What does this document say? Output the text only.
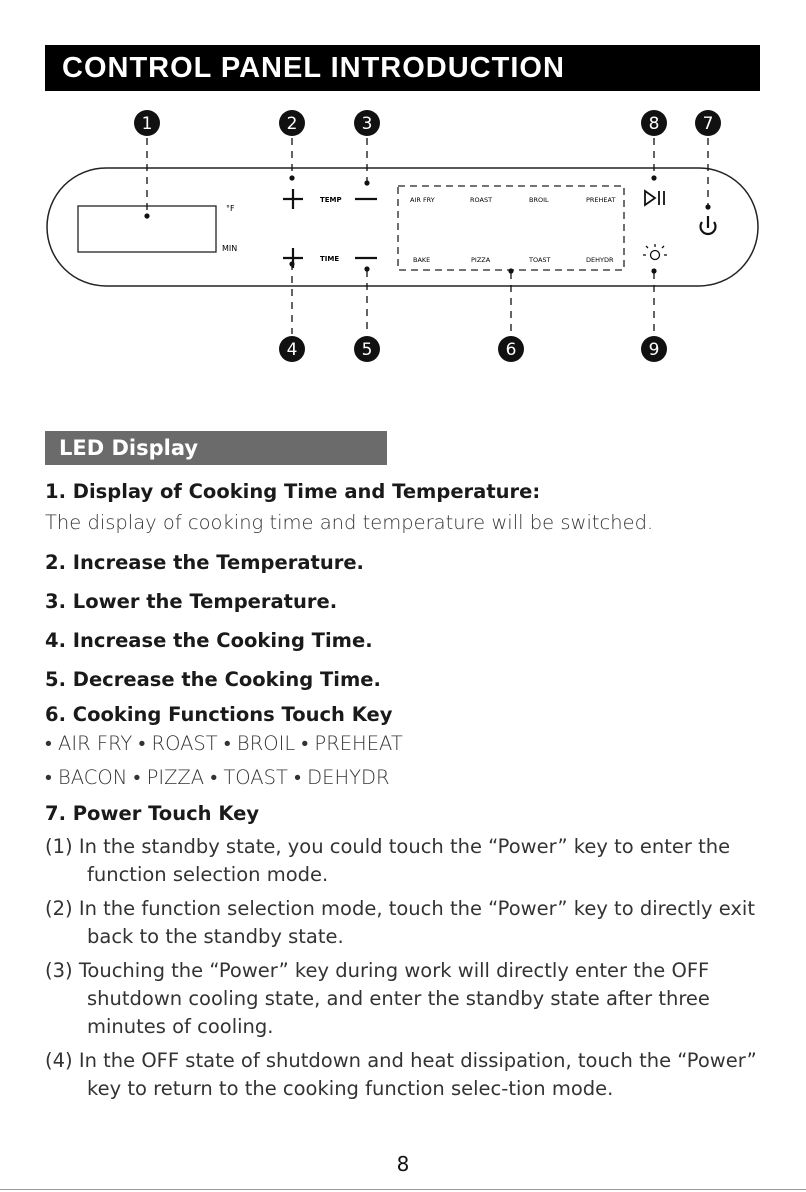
CONTROL PANEL INTRODUCTION
°F
MIN
TEMP
TIME
AIR FRY	ROAST	BROIL	PREHEAT
BAKE	PIZZA	TOAST	DEHYDR
1	2	3	8	7
4	5	6	9
LED Display

1. Display of Cooking Time and Temperature:

The display of cooking time and temperature will be switched.

2. Increase the Temperature.

3. Lower the Temperature.

4. Increase the Cooking Time.

5. Decrease the Cooking Time.

6. Cooking Functions Touch Key

• AIR FRY • ROAST • BROIL • PREHEAT

• BACON • PIZZA • TOAST • DEHYDR

7. Power Touch Key

(1) In the standby state, you could touch the “Power” key to enter the function selection mode.

(2) In the function selection mode, touch the “Power” key to directly exit back to the standby state.

(3) Touching the “Power” key during work will directly enter the OFF shutdown cooling state, and enter the standby state after three minutes of cooling.

(4) In the OFF state of shutdown and heat dissipation, touch the “Power” key to return to the cooking function selec-tion mode.

8
